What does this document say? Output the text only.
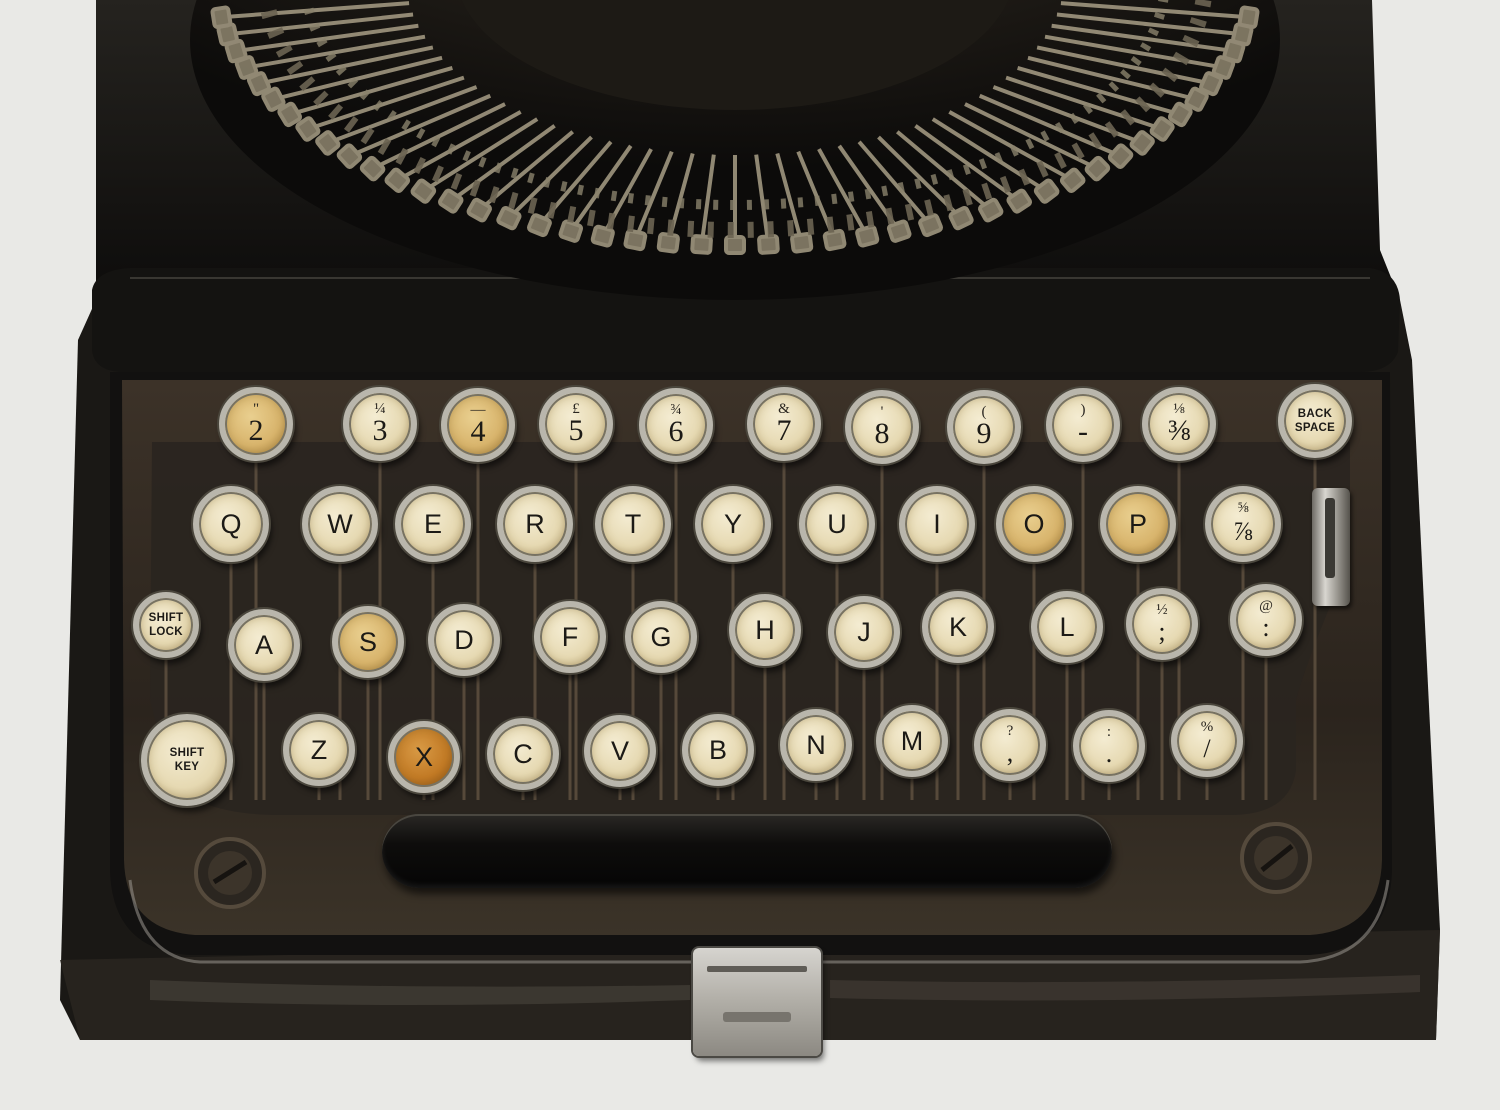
"
2
¼
3
—
4
£
5
¾
6
&
7
'
8
(
9
)
-
⅛
⅜
BACK
SPACE
Q	W	E	R	T	Y	U	I	O	P
⅝
⅞
SHIFT
LOCK	A	S	D	F	G	H	J	K	L
½
;
@
:
SHIFT
KEY
Z	X	C	V	B	N	M	?
,
:
.
%
/
